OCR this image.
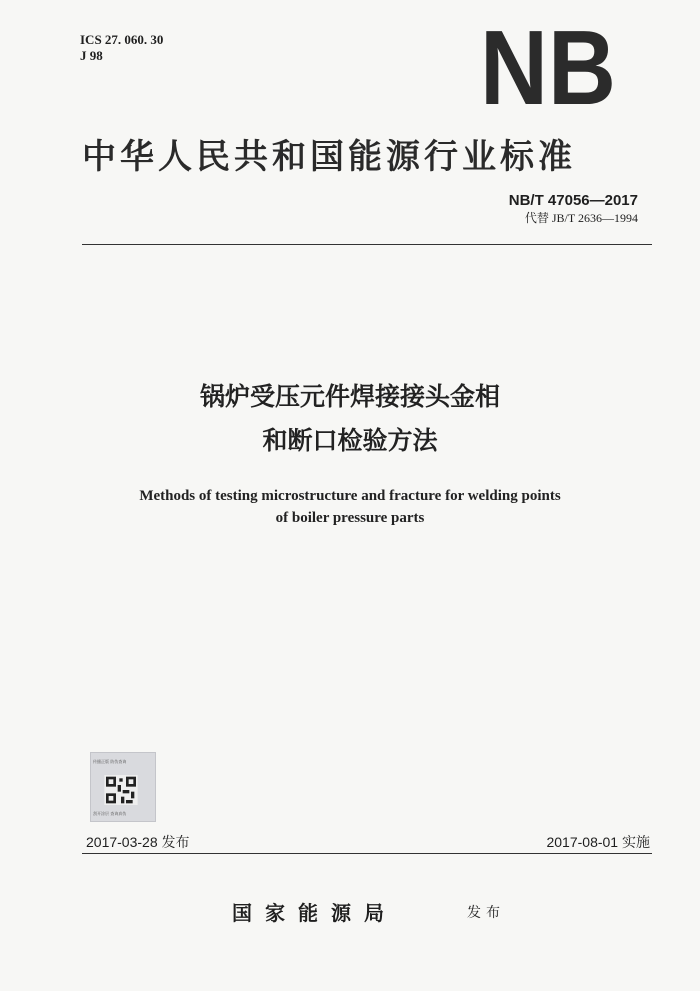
ICS 27. 060. 30
J 98	NB
中华人民共和国能源行业标准
NB/T 47056—2017
代替 JB/T 2636—1994
锅炉受压元件焊接接头金相
和断口检验方法
Methods of testing microstructure and fracture for welding points
of boiler pressure parts
传播正版 防伪查询
刮开涂层 查询真伪
2017-03-28 发布	2017-08-01 实施
国家能源局	发布
